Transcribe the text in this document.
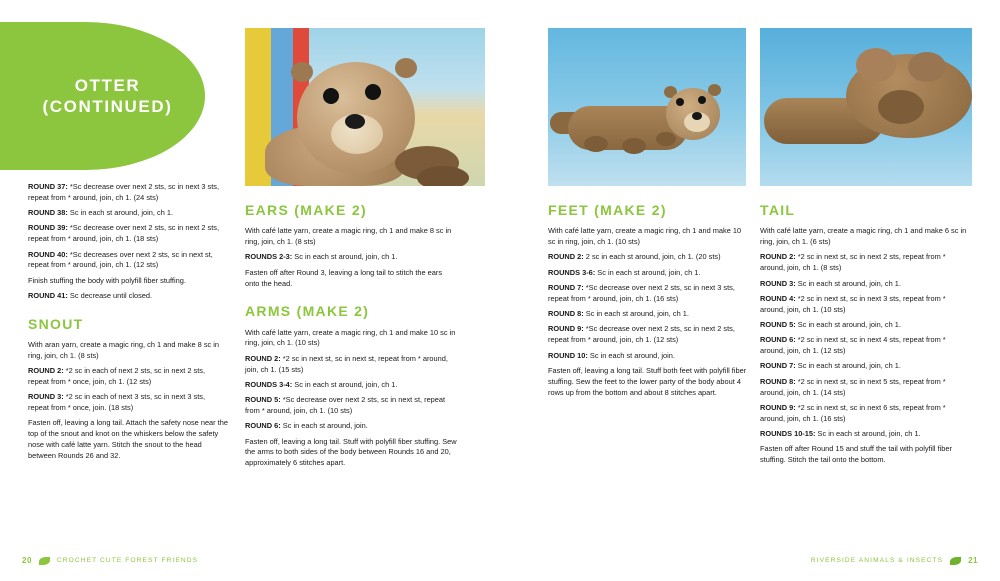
OTTER
(CONTINUED)

ROUND 37: *Sc decrease over next 2 sts, sc in next 3 sts, repeat from * around, join, ch 1. (24 sts)

ROUND 38: Sc in each st around, join, ch 1.

ROUND 39: *Sc decrease over next 2 sts, sc in next 2 sts, repeat from * around, join, ch 1. (18 sts)

ROUND 40: *Sc decreases over next 2 sts, sc in next st, repeat from * around, join, ch 1. (12 sts)

Finish stuffing the body with polyfill fiber stuffing.

ROUND 41: Sc decrease until closed.

SNOUT

With aran yarn, create a magic ring, ch 1 and make 8 sc in ring, join, ch 1. (8 sts)

ROUND 2: *2 sc in each of next 2 sts, sc in next 2 sts, repeat from * once, join, ch 1. (12 sts)

ROUND 3: *2 sc in each of next 3 sts, sc in next 3 sts, repeat from * once, join. (18 sts)

Fasten off, leaving a long tail. Attach the safety nose near the top of the snout and knot on the whiskers below the safety nose with café latte yarn. Stitch the snout to the head between Rounds 26 and 32.

EARS (MAKE 2)

With café latte yarn, create a magic ring, ch 1 and make 8 sc in ring, join, ch 1. (8 sts)

ROUNDS 2-3: Sc in each st around, join, ch 1.

Fasten off after Round 3, leaving a long tail to stitch the ears onto the head.

ARMS (MAKE 2)

With café latte yarn, create a magic ring, ch 1 and make 10 sc in ring, join, ch 1. (10 sts)

ROUND 2: *2 sc in next st, sc in next st, repeat from * around, join, ch 1. (15 sts)

ROUNDS 3-4: Sc in each st around, join, ch 1.

ROUND 5: *Sc decrease over next 2 sts, sc in next st, repeat from * around, join, ch 1. (10 sts)

ROUND 6: Sc in each st around, join.

Fasten off, leaving a long tail. Stuff with polyfill fiber stuffing. Sew the arms to both sides of the body between Rounds 16 and 20, approximately 6 stitches apart.

FEET (MAKE 2)

With café latte yarn, create a magic ring, ch 1 and make 10 sc in ring, join, ch 1. (10 sts)

ROUND 2: 2 sc in each st around, join, ch 1. (20 sts)

ROUNDS 3-6: Sc in each st around, join, ch 1.

ROUND 7: *Sc decrease over next 2 sts, sc in next 3 sts, repeat from * around, join, ch 1. (16 sts)

ROUND 8: Sc in each st around, join, ch 1.

ROUND 9: *Sc decrease over next 2 sts, sc in next 2 sts, repeat from * around, join, ch 1. (12 sts)

ROUND 10: Sc in each st around, join.

Fasten off, leaving a long tail. Stuff both feet with polyfill fiber stuffing. Sew the feet to the lower party of the body about 4 rows up from the bottom and about 8 stitches apart.

TAIL

With café latte yarn, create a magic ring, ch 1 and make 6 sc in ring, join, ch 1. (6 sts)

ROUND 2: *2 sc in next st, sc in next 2 sts, repeat from * around, join, ch 1. (8 sts)

ROUND 3: Sc in each st around, join, ch 1.

ROUND 4: *2 sc in next st, sc in next 3 sts, repeat from * around, join, ch 1. (10 sts)

ROUND 5: Sc in each st around, join, ch 1.

ROUND 6: *2 sc in next st, sc in next 4 sts, repeat from * around, join, ch 1. (12 sts)

ROUND 7: Sc in each st around, join, ch 1.

ROUND 8: *2 sc in next st, sc in next 5 sts, repeat from * around, join, ch 1. (14 sts)

ROUND 9: *2 sc in next st, sc in next 6 sts, repeat from * around, join, ch 1. (16 sts)

ROUNDS 10-15: Sc in each st around, join, ch 1.

Fasten off after Round 15 and stuff the tail with polyfill fiber stuffing. Stitch the tail onto the bottom.

20	CROCHET CUTE FOREST FRIENDS	RIVERSIDE ANIMALS & INSECTS	21
